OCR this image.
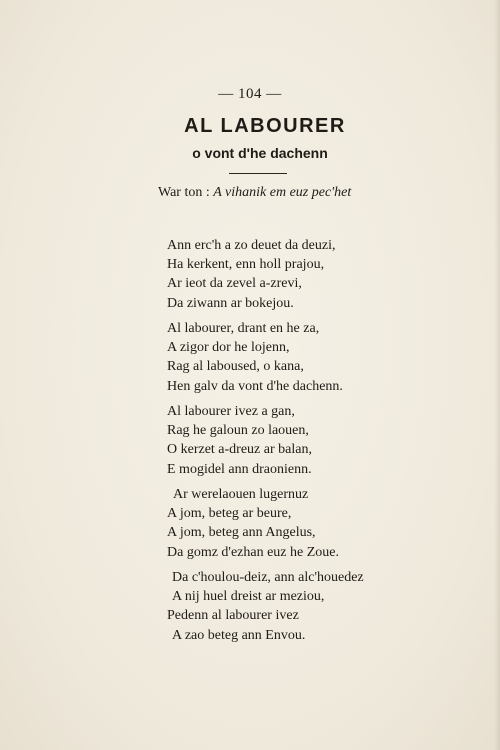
— 104 —
AL LABOURER
o vont d'he dachenn
War ton : A vihanik em euz pec'het
Ann erc'h a zo deuet da deuzi,
Ha kerkent, enn holl prajou,
Ar ieot da zevel a-zrevi,
Da ziwann ar bokejou.
Al labourer, drant en he za,
A zigor dor he lojenn,
Rag al laboused, o kana,
Hen galv da vont d'he dachenn.
Al labourer ivez a gan,
Rag he galoun zo laouen,
O kerzet a-dreuz ar balan,
E mogidel ann draonienn.
Ar werelaouen lugernuz
A jom, beteg ar beure,
A jom, beteg ann Angelus,
Da gomz d'ezhan euz he Zoue.
Da c'houlou-deiz, ann alc'houedez
A nij huel dreist ar meziou,
Pedenn al labourer ivez
A zao beteg ann Envou.
